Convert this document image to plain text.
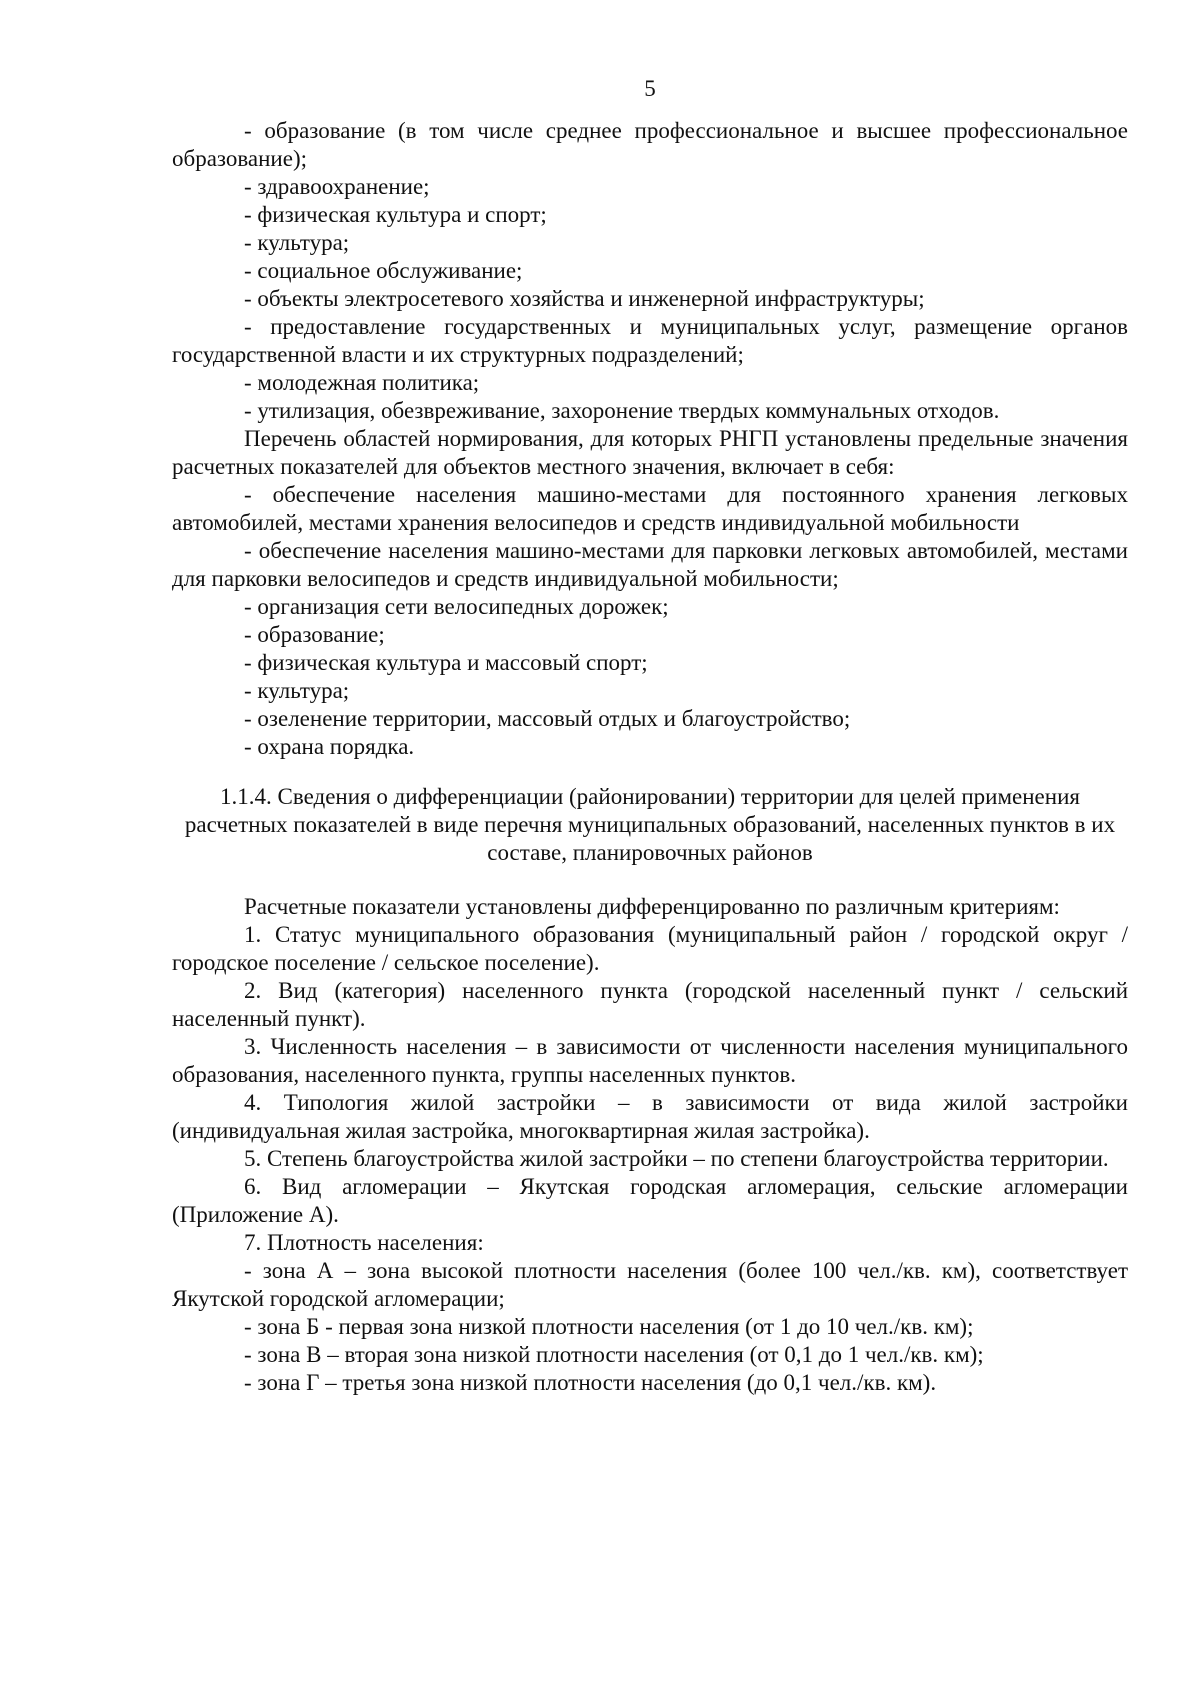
5

- образование (в том числе среднее профессиональное и высшее профессиональное образование);

- здравоохранение;

- физическая культура и спорт;

- культура;

- социальное обслуживание;

- объекты электросетевого хозяйства и инженерной инфраструктуры;

- предоставление государственных и муниципальных услуг, размещение органов государственной власти и их структурных подразделений;

- молодежная политика;

- утилизация, обезвреживание, захоронение твердых коммунальных отходов.

Перечень областей нормирования, для которых РНГП установлены предельные значения расчетных показателей для объектов местного значения, включает в себя:

- обеспечение населения машино-местами для постоянного хранения легковых автомобилей, местами хранения велосипедов и средств индивидуальной мобильности

- обеспечение населения машино-местами для парковки легковых автомобилей, местами для парковки велосипедов и средств индивидуальной мобильности;

- организация сети велосипедных дорожек;

- образование;

- физическая культура и массовый спорт;

- культура;

- озеленение территории, массовый отдых и благоустройство;

- охрана порядка.

1.1.4. Сведения о дифференциации (районировании) территории для целей применения расчетных показателей в виде перечня муниципальных образований, населенных пунктов в их составе, планировочных районов

Расчетные показатели установлены дифференцированно по различным критериям:

1. Статус муниципального образования (муниципальный район / городской округ / городское поселение / сельское поселение).

2. Вид (категория) населенного пункта (городской населенный пункт / сельский населенный пункт).

3. Численность населения – в зависимости от численности населения муниципального образования, населенного пункта, группы населенных пунктов.

4. Типология жилой застройки – в зависимости от вида жилой застройки (индивидуальная жилая застройка, многоквартирная жилая застройка).

5. Степень благоустройства жилой застройки – по степени благоустройства территории.

6. Вид агломерации – Якутская городская агломерация, сельские агломерации (Приложение А).

7. Плотность населения:

- зона А – зона высокой плотности населения (более 100 чел./кв. км), соответствует Якутской городской агломерации;

- зона Б - первая зона низкой плотности населения (от 1 до 10 чел./кв. км);

- зона В – вторая зона низкой плотности населения (от 0,1 до 1 чел./кв. км);

- зона Г – третья зона низкой плотности населения (до 0,1 чел./кв. км).
